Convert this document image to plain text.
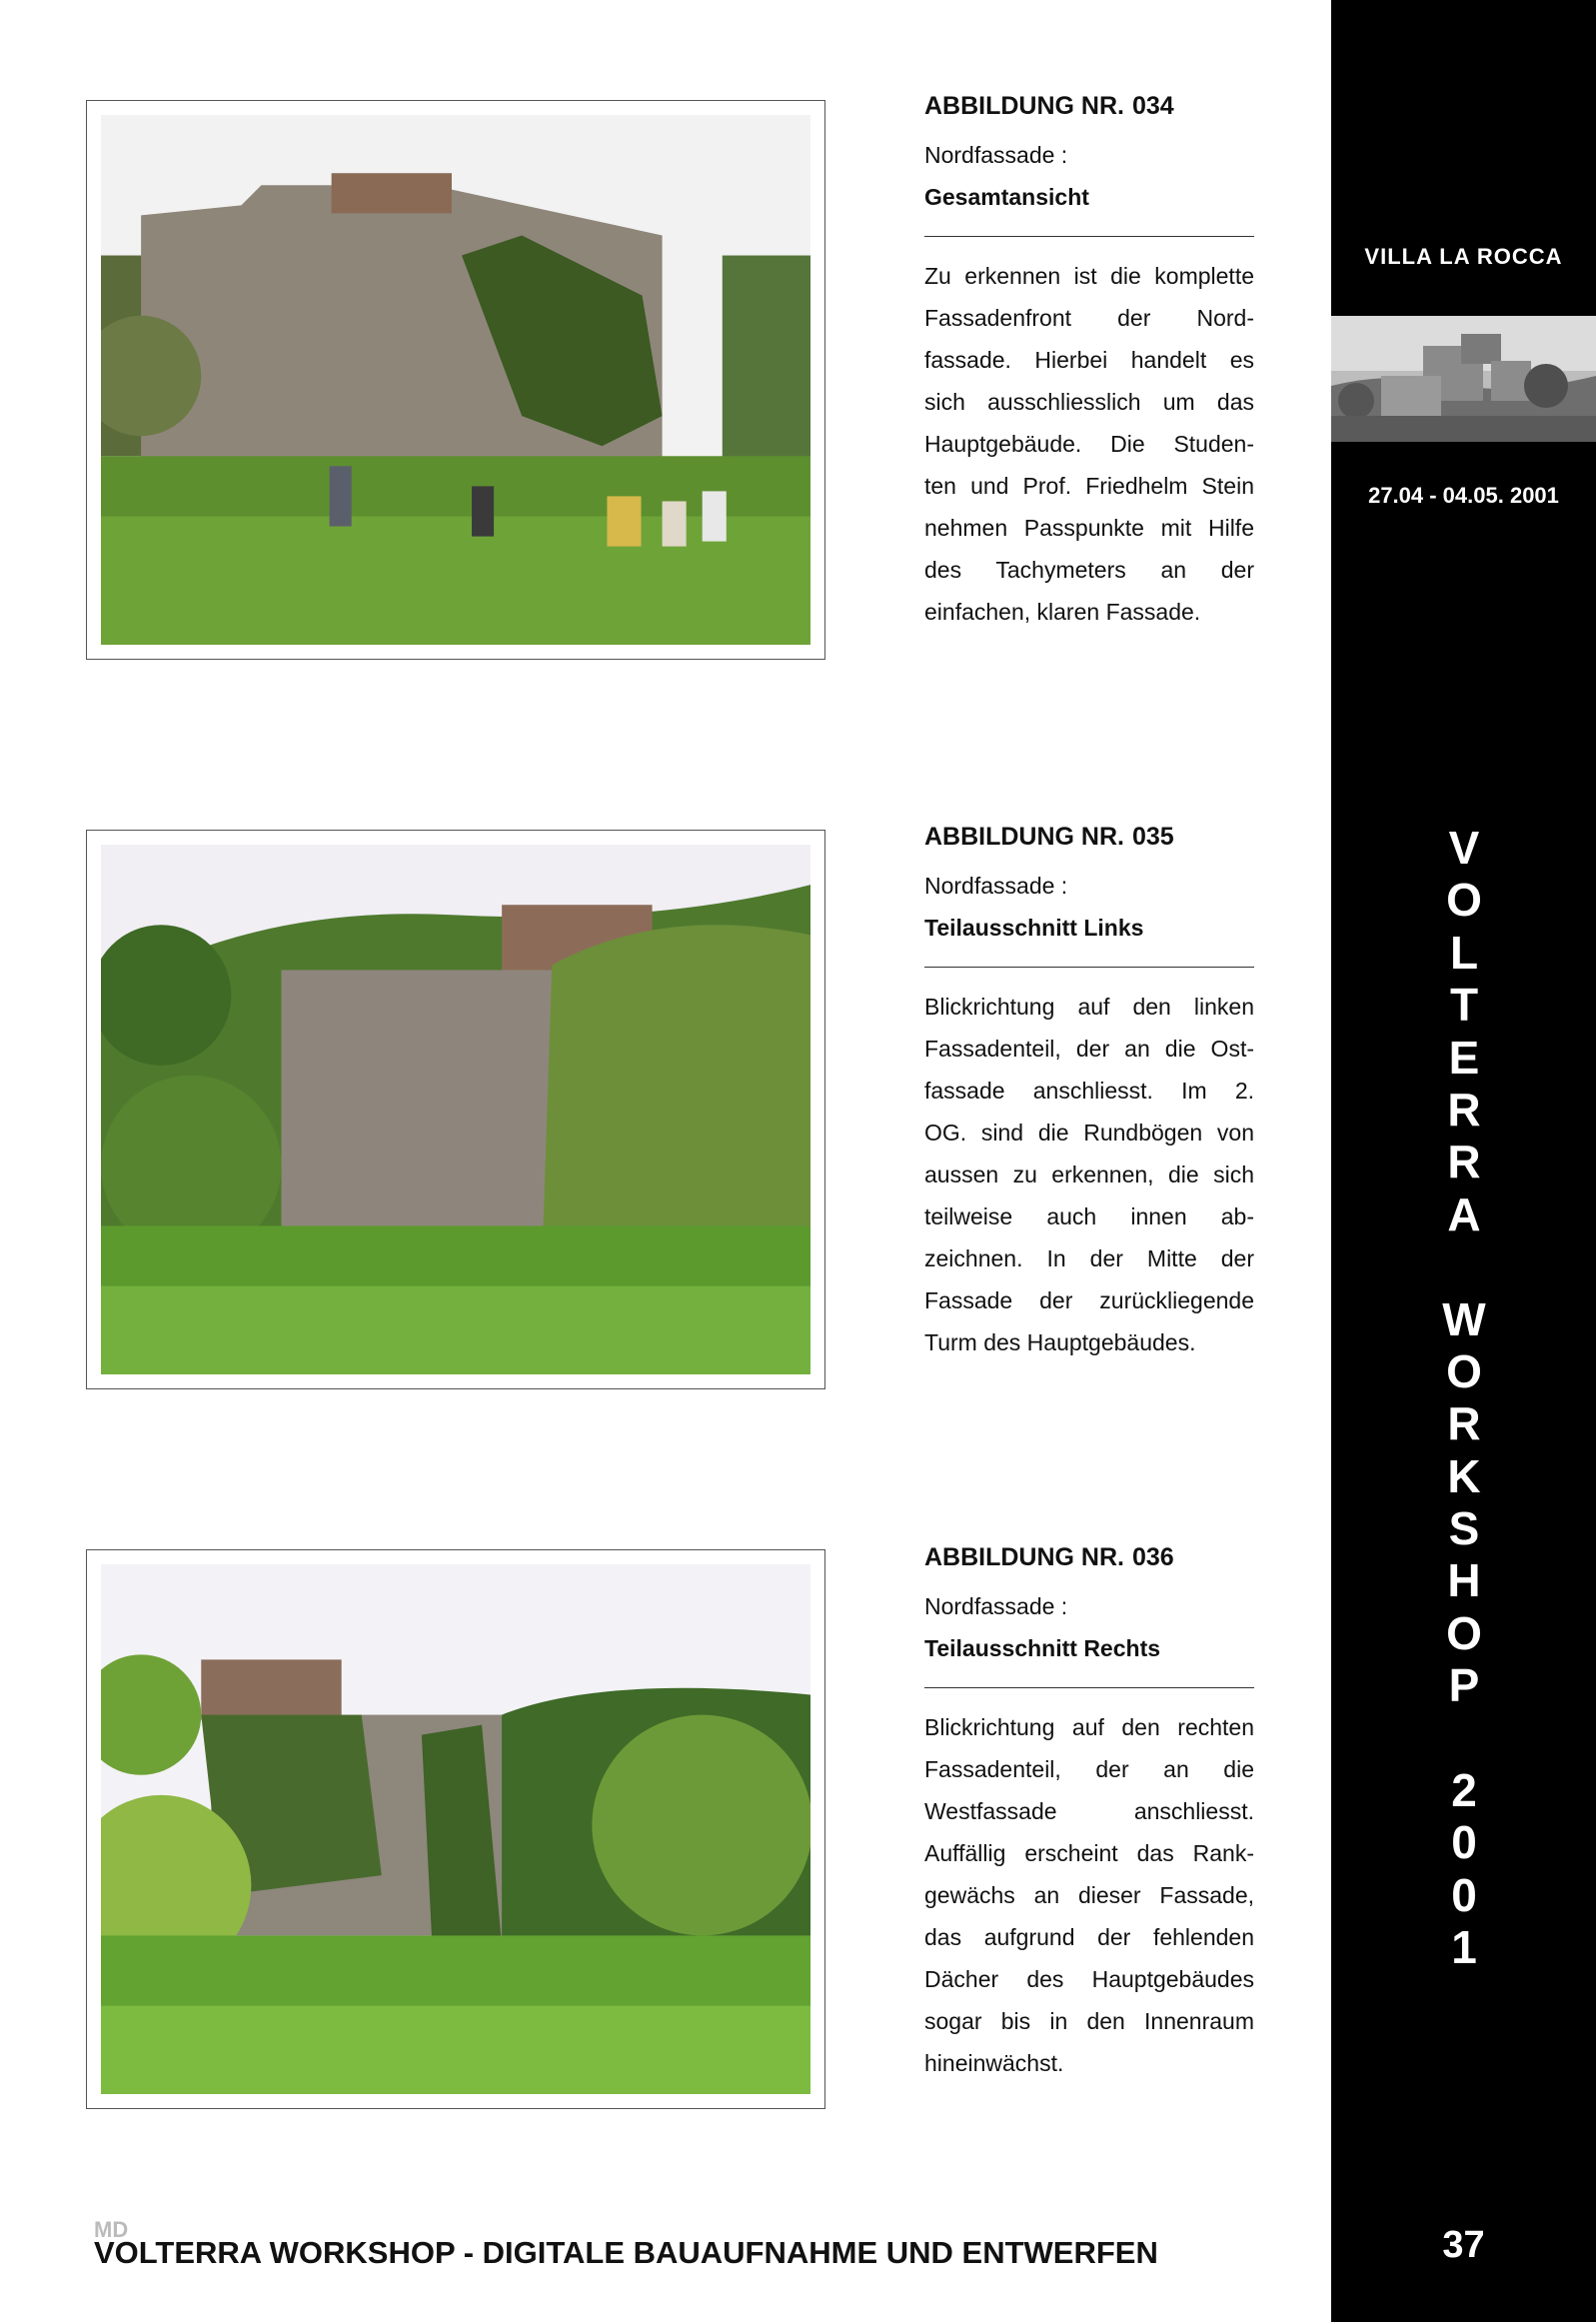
VILLA LA ROCCA
27.04 - 04.05. 2001
V
O
L
T
E
R
R
A
W
O
R
K
S
H
O
P
2
0
0
1
37
ABBILDUNG NR. 034
Nordfassade :
Gesamtansicht
Zu erkennen ist die komplette
Fassadenfront der Nord-
fassade. Hierbei handelt es
sich ausschliesslich um das
Hauptgebäude. Die Studen-
ten und Prof. Friedhelm Stein
nehmen Passpunkte mit Hilfe
des Tachymeters an der
einfachen, klaren Fassade.
ABBILDUNG NR. 035
Nordfassade :
Teilausschnitt Links
Blickrichtung auf den linken
Fassadenteil, der an die Ost-
fassade anschliesst. Im 2.
OG. sind die Rundbögen von
aussen zu erkennen, die sich
teilweise auch innen ab-
zeichnen. In der Mitte der
Fassade der zurückliegende
Turm des Hauptgebäudes.
ABBILDUNG NR. 036
Nordfassade :
Teilausschnitt Rechts
Blickrichtung auf den rechten
Fassadenteil, der an die
Westfassade anschliesst.
Auffällig erscheint das Rank-
gewächs an dieser Fassade,
das aufgrund der fehlenden
Dächer des Hauptgebäudes
sogar bis in den Innenraum
hineinwächst.
MD
VOLTERRA WORKSHOP - DIGITALE BAUAUFNAHME UND ENTWERFEN
